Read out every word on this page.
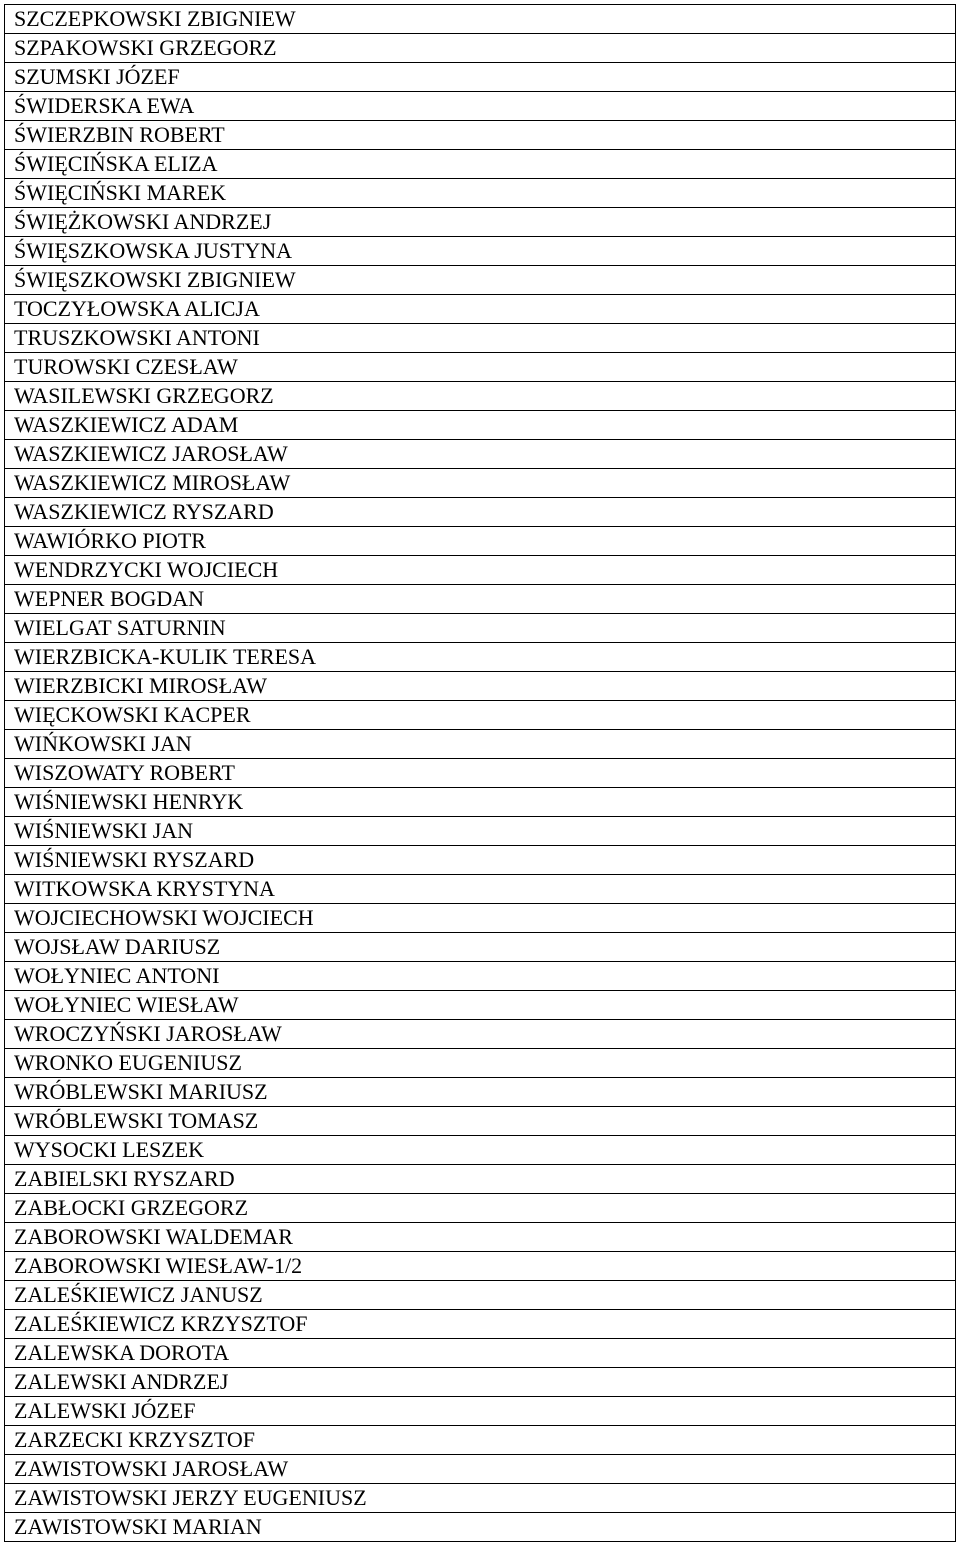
SZCZEPKOWSKI ZBIGNIEW
SZPAKOWSKI GRZEGORZ
SZUMSKI JÓZEF
ŚWIDERSKA EWA
ŚWIERZBIN ROBERT
ŚWIĘCIŃSKA ELIZA
ŚWIĘCIŃSKI MAREK
ŚWIĘŻKOWSKI ANDRZEJ
ŚWIĘSZKOWSKA JUSTYNA
ŚWIĘSZKOWSKI ZBIGNIEW
TOCZYŁOWSKA ALICJA
TRUSZKOWSKI ANTONI
TUROWSKI CZESŁAW
WASILEWSKI GRZEGORZ
WASZKIEWICZ ADAM
WASZKIEWICZ JAROSŁAW
WASZKIEWICZ MIROSŁAW
WASZKIEWICZ RYSZARD
WAWIÓRKO PIOTR
WENDRZYCKI WOJCIECH
WEPNER BOGDAN
WIELGAT SATURNIN
WIERZBICKA-KULIK TERESA
WIERZBICKI MIROSŁAW
WIĘCKOWSKI KACPER
WIŃKOWSKI JAN
WISZOWATY ROBERT
WIŚNIEWSKI HENRYK
WIŚNIEWSKI JAN
WIŚNIEWSKI RYSZARD
WITKOWSKA KRYSTYNA
WOJCIECHOWSKI WOJCIECH
WOJSŁAW DARIUSZ
WOŁYNIEC ANTONI
WOŁYNIEC WIESŁAW
WROCZYŃSKI JAROSŁAW
WRONKO EUGENIUSZ
WRÓBLEWSKI MARIUSZ
WRÓBLEWSKI TOMASZ
WYSOCKI LESZEK
ZABIELSKI RYSZARD
ZABŁOCKI GRZEGORZ
ZABOROWSKI WALDEMAR
ZABOROWSKI WIESŁAW-1/2
ZALEŚKIEWICZ JANUSZ
ZALEŚKIEWICZ KRZYSZTOF
ZALEWSKA DOROTA
ZALEWSKI ANDRZEJ
ZALEWSKI JÓZEF
ZARZECKI KRZYSZTOF
ZAWISTOWSKI JAROSŁAW
ZAWISTOWSKI JERZY EUGENIUSZ
ZAWISTOWSKI MARIAN
